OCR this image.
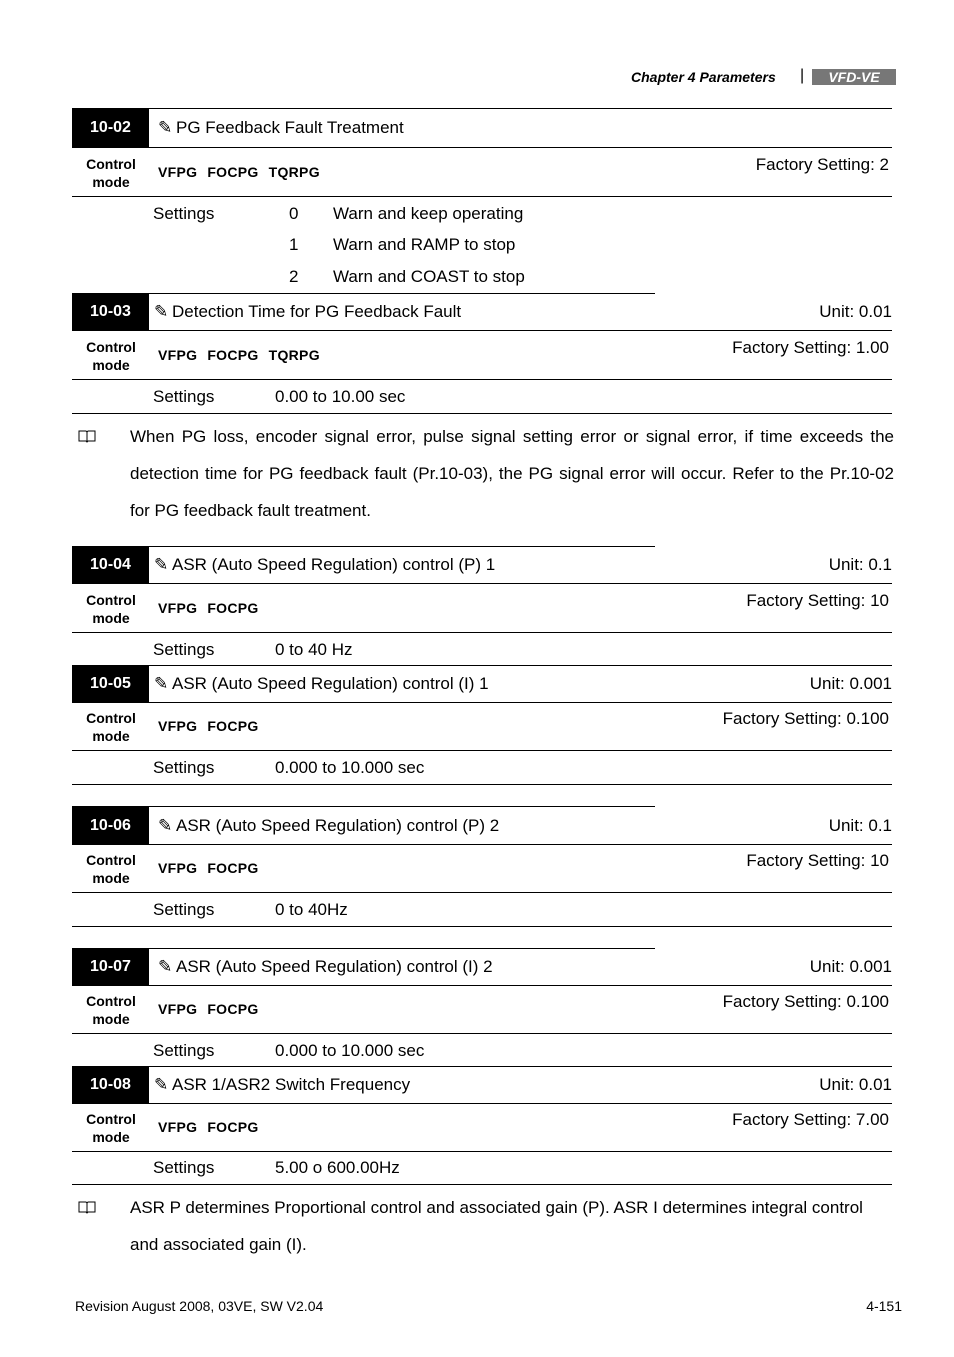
Chapter 4 Parameters | VFD-VE
10-02 ✎ PG Feedback Fault Treatment
Control mode
VFPG FOCPG TQRPG	Factory Setting: 2
Settings	0 Warn and keep operating
1 Warn and RAMP to stop
2 Warn and COAST to stop
10-03 ✎ Detection Time for PG Feedback Fault	Unit: 0.01
Control mode
VFPG FOCPG TQRPG	Factory Setting: 1.00
Settings	0.00 to 10.00 sec
When PG loss, encoder signal error, pulse signal setting error or signal error, if time exceeds the detection time for PG feedback fault (Pr.10-03), the PG signal error will occur. Refer to the Pr.10-02 for PG feedback fault treatment.
10-04 ✎ ASR (Auto Speed Regulation) control (P) 1	Unit: 0.1
Control mode
VFPG FOCPG	Factory Setting: 10
Settings	0 to 40 Hz
10-05 ✎ ASR (Auto Speed Regulation) control (I) 1	Unit: 0.001
Control mode
VFPG FOCPG	Factory Setting: 0.100
Settings	0.000 to 10.000 sec
10-06 ✎ ASR (Auto Speed Regulation) control (P) 2	Unit: 0.1
Control mode
VFPG FOCPG	Factory Setting: 10
Settings	0 to 40Hz
10-07 ✎ ASR (Auto Speed Regulation) control (I) 2	Unit: 0.001
Control mode
VFPG FOCPG	Factory Setting: 0.100
Settings	0.000 to 10.000 sec
10-08 ✎ ASR 1/ASR2 Switch Frequency	Unit: 0.01
Control mode
VFPG FOCPG	Factory Setting: 7.00
Settings	5.00 o 600.00Hz
ASR P determines Proportional control and associated gain (P). ASR I determines integral control and associated gain (I).
Revision August 2008, 03VE, SW V2.04	4-151
